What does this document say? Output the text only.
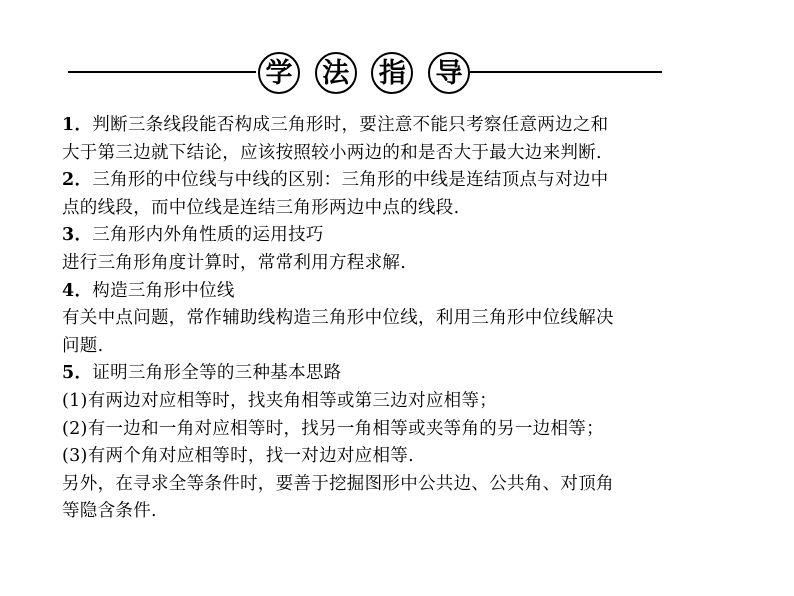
学 法 指 导
1．判断三条线段能否构成三角形时，要注意不能只考察任意两边之和
大于第三边就下结论，应该按照较小两边的和是否大于最大边来判断.
2．三角形的中位线与中线的区别：三角形的中线是连结顶点与对边中
点的线段，而中位线是连结三角形两边中点的线段.
3．三角形内外角性质的运用技巧
进行三角形角度计算时，常常利用方程求解.
4．构造三角形中位线
有关中点问题，常作辅助线构造三角形中位线，利用三角形中位线解决
问题.
5．证明三角形全等的三种基本思路
(1)有两边对应相等时，找夹角相等或第三边对应相等；
(2)有一边和一角对应相等时，找另一角相等或夹等角的另一边相等；
(3)有两个角对应相等时，找一对边对应相等.
另外，在寻求全等条件时，要善于挖掘图形中公共边、公共角、对顶角
等隐含条件.
